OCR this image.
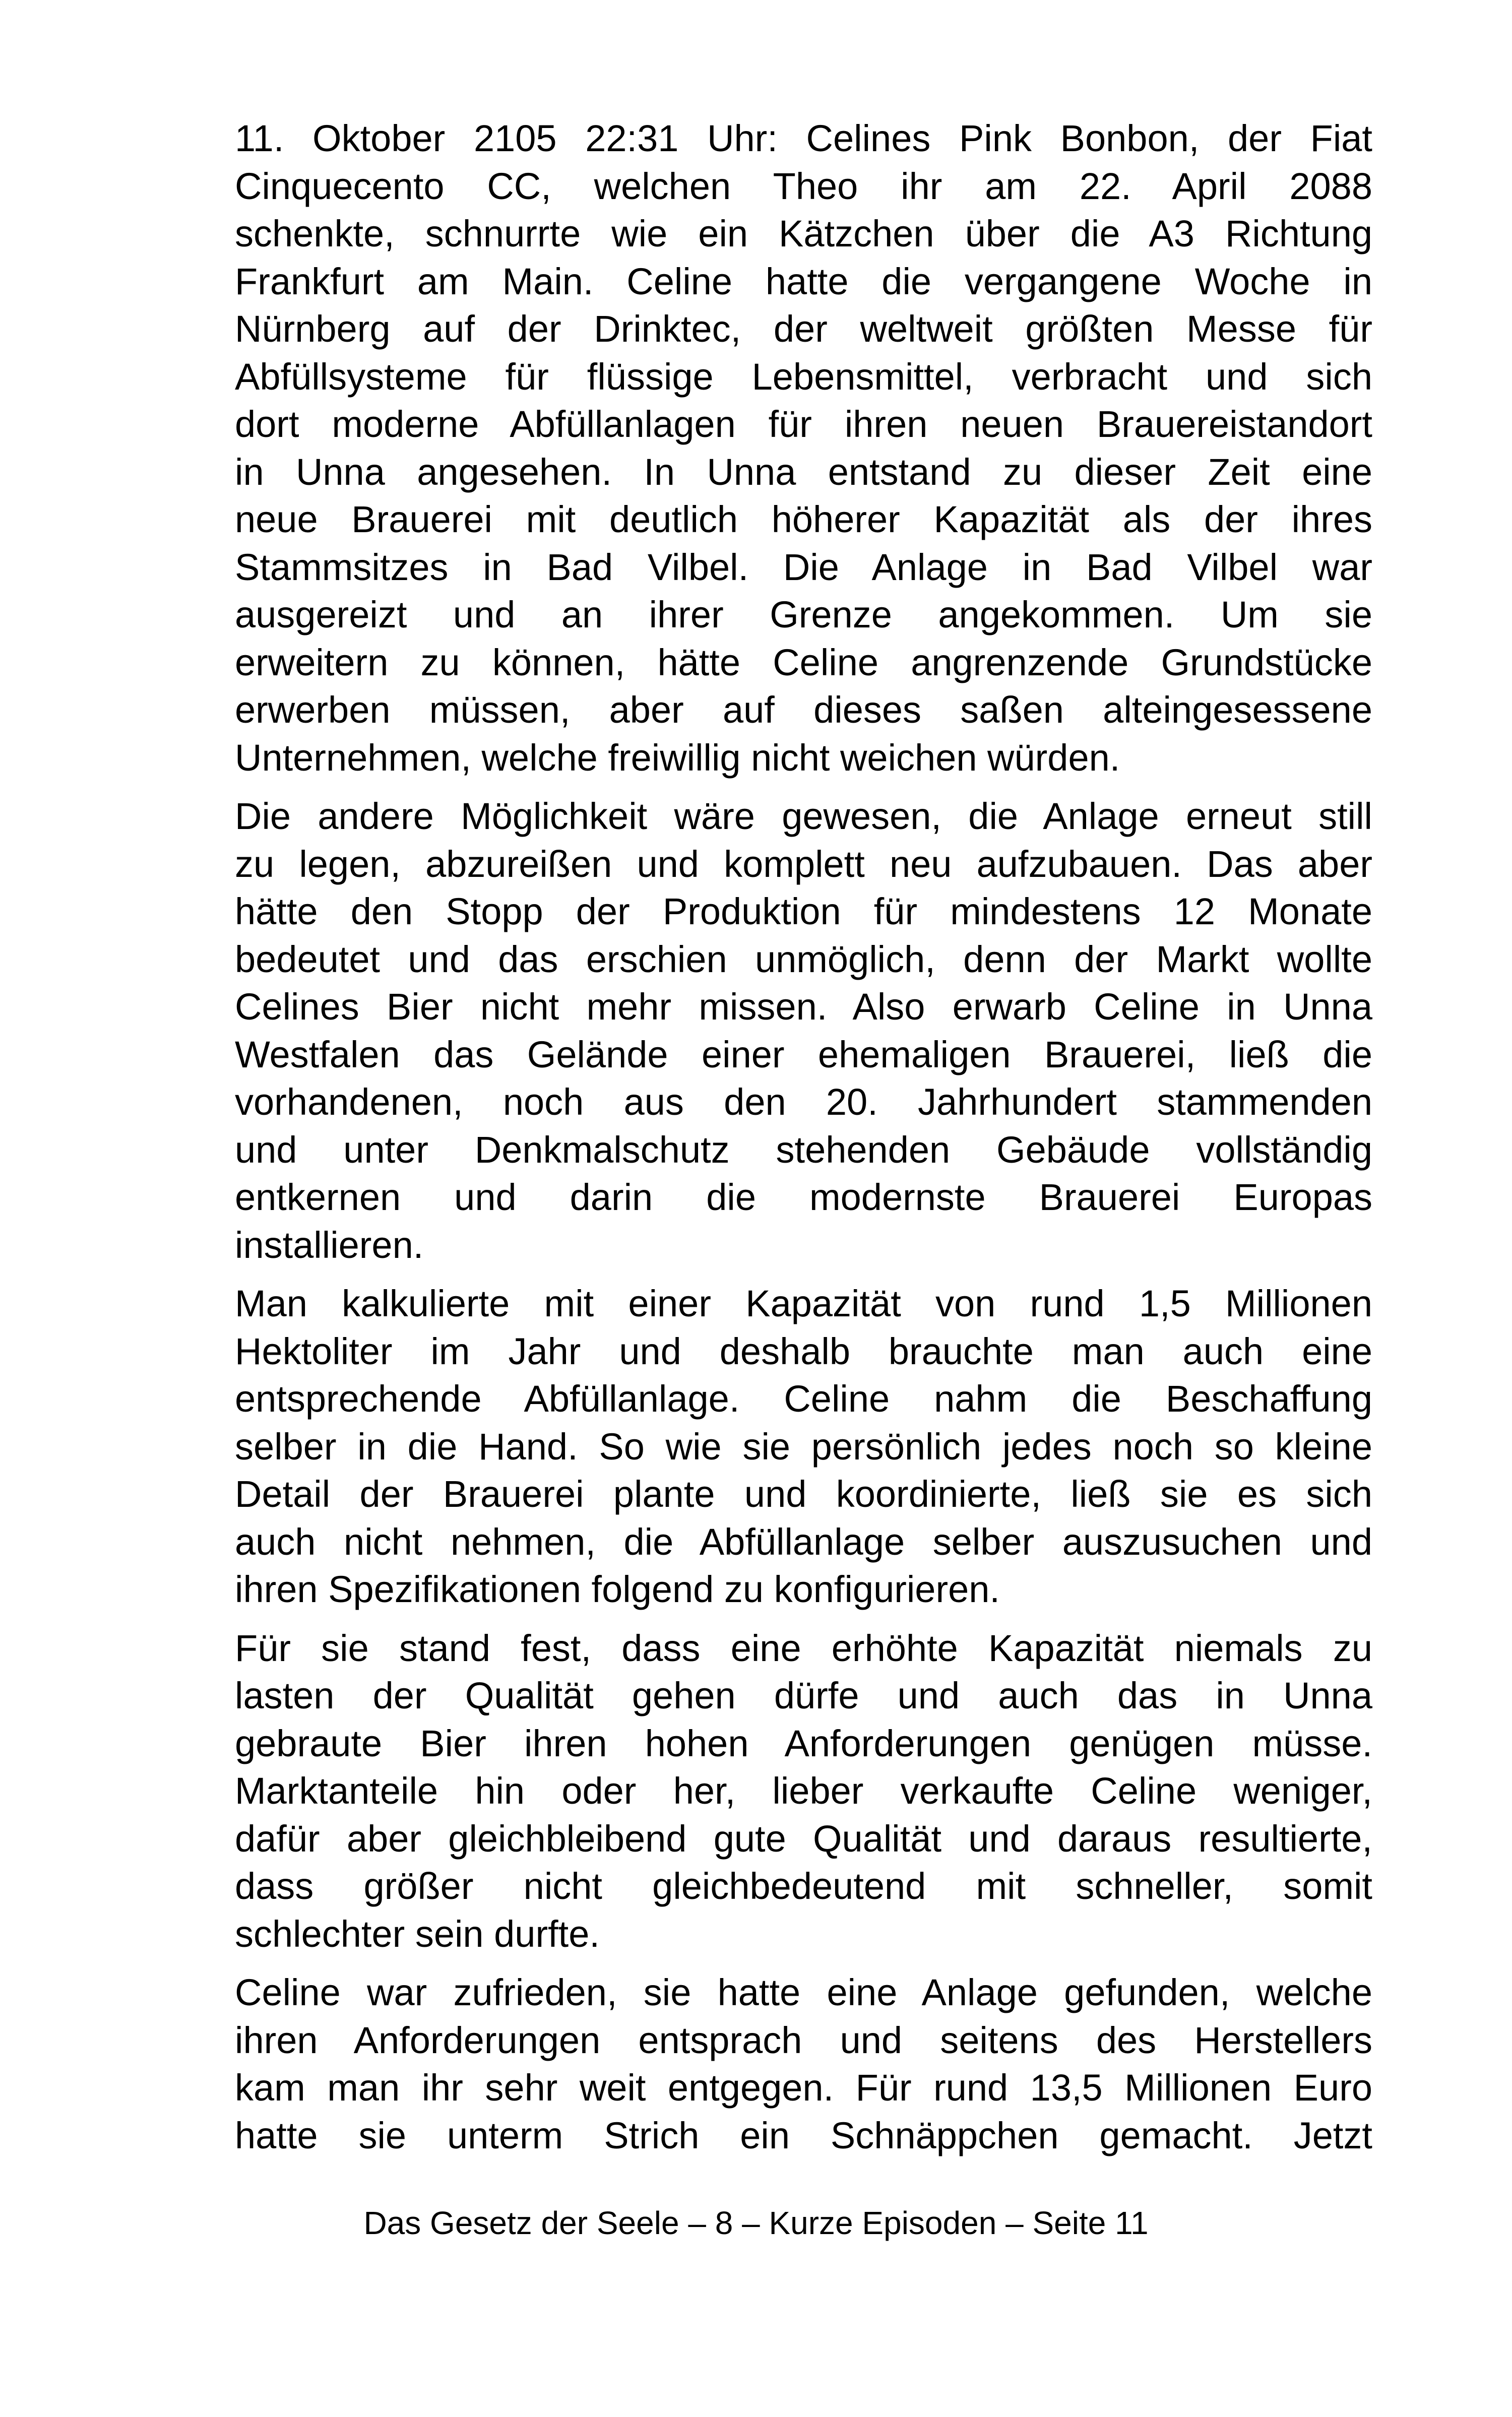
11. Oktober 2105 22:31 Uhr: Celines Pink Bonbon, der Fiat
Cinquecento CC, welchen Theo ihr am 22. April 2088
schenkte, schnurrte wie ein Kätzchen über die A3 Richtung
Frankfurt am Main. Celine hatte die vergangene Woche in
Nürnberg auf der Drinktec, der weltweit größten Messe für
Abfüllsysteme für flüssige Lebensmittel, verbracht und sich
dort moderne Abfüllanlagen für ihren neuen Brauereistandort
in Unna angesehen. In Unna entstand zu dieser Zeit eine
neue Brauerei mit deutlich höherer Kapazität als der ihres
Stammsitzes in Bad Vilbel. Die Anlage in Bad Vilbel war
ausgereizt und an ihrer Grenze angekommen. Um sie
erweitern zu können, hätte Celine angrenzende Grundstücke
erwerben müssen, aber auf dieses saßen alteingesessene
Unternehmen, welche freiwillig nicht weichen würden.
Die andere Möglichkeit wäre gewesen, die Anlage erneut still
zu legen, abzureißen und komplett neu aufzubauen. Das aber
hätte den Stopp der Produktion für mindestens 12 Monate
bedeutet und das erschien unmöglich, denn der Markt wollte
Celines Bier nicht mehr missen. Also erwarb Celine in Unna
Westfalen das Gelände einer ehemaligen Brauerei, ließ die
vorhandenen, noch aus den 20. Jahrhundert stammenden
und unter Denkmalschutz stehenden Gebäude vollständig
entkernen und darin die modernste Brauerei Europas
installieren.
Man kalkulierte mit einer Kapazität von rund 1,5 Millionen
Hektoliter im Jahr und deshalb brauchte man auch eine
entsprechende Abfüllanlage. Celine nahm die Beschaffung
selber in die Hand. So wie sie persönlich jedes noch so kleine
Detail der Brauerei plante und koordinierte, ließ sie es sich
auch nicht nehmen, die Abfüllanlage selber auszusuchen und
ihren Spezifikationen folgend zu konfigurieren.
Für sie stand fest, dass eine erhöhte Kapazität niemals zu
lasten der Qualität gehen dürfe und auch das in Unna
gebraute Bier ihren hohen Anforderungen genügen müsse.
Marktanteile hin oder her, lieber verkaufte Celine weniger,
dafür aber gleichbleibend gute Qualität und daraus resultierte,
dass größer nicht gleichbedeutend mit schneller, somit
schlechter sein durfte.
Celine war zufrieden, sie hatte eine Anlage gefunden, welche
ihren Anforderungen entsprach und seitens des Herstellers
kam man ihr sehr weit entgegen. Für rund 13,5 Millionen Euro
hatte sie unterm Strich ein Schnäppchen gemacht. Jetzt
Das Gesetz der Seele – 8 – Kurze Episoden – Seite 11
